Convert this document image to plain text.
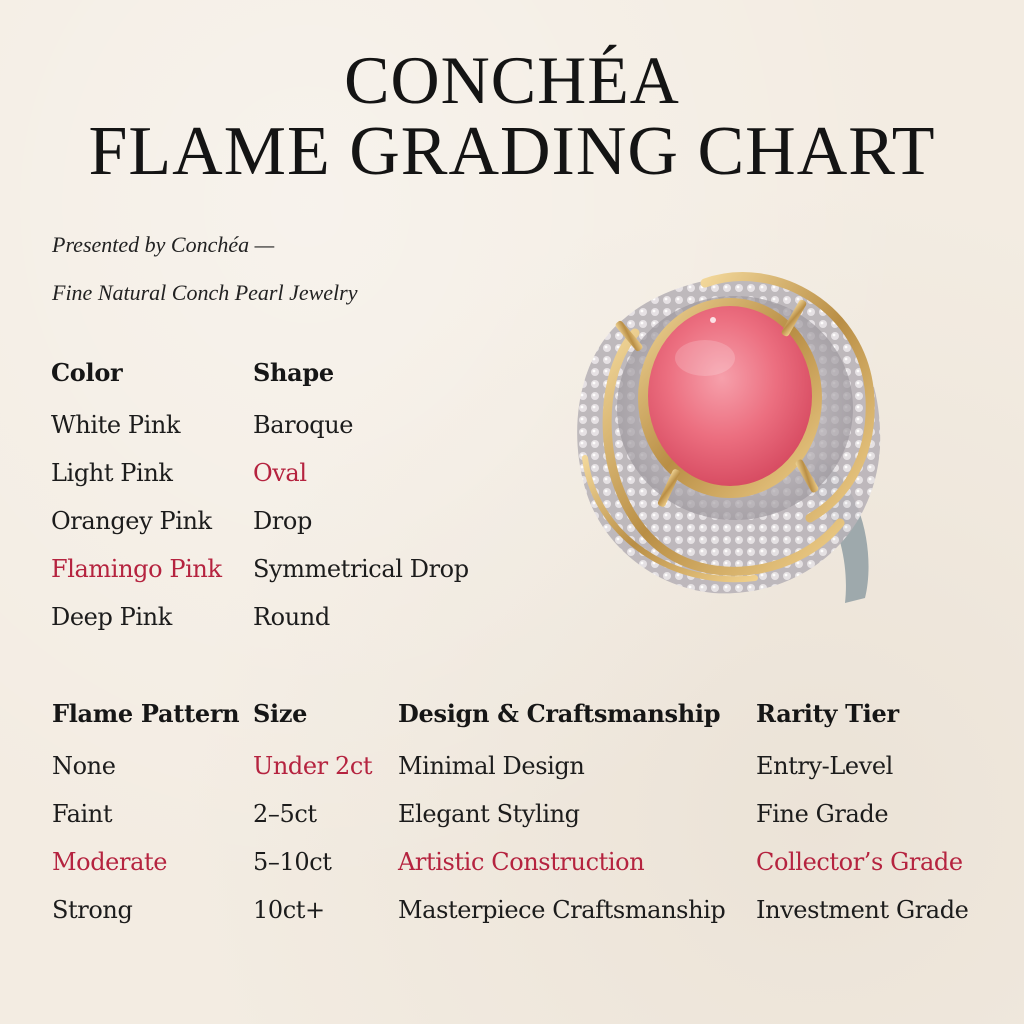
CONCHÉA
FLAME GRADING CHART

Presented by Conchéa —

Fine Natural Conch Pearl Jewelry

Color
White Pink
Light Pink
Orangey Pink
Flamingo Pink
Deep Pink
Shape
Baroque
Oval
Drop
Symmetrical Drop
Round
Flame Pattern
None
Faint
Moderate
Strong
Size
Under 2ct
2–5ct
5–10ct
10ct+
Design & Craftsmanship
Minimal Design
Elegant Styling
Artistic Construction
Masterpiece Craftsmanship
Rarity Tier
Entry-Level
Fine Grade
Collector’s Grade
Investment Grade
